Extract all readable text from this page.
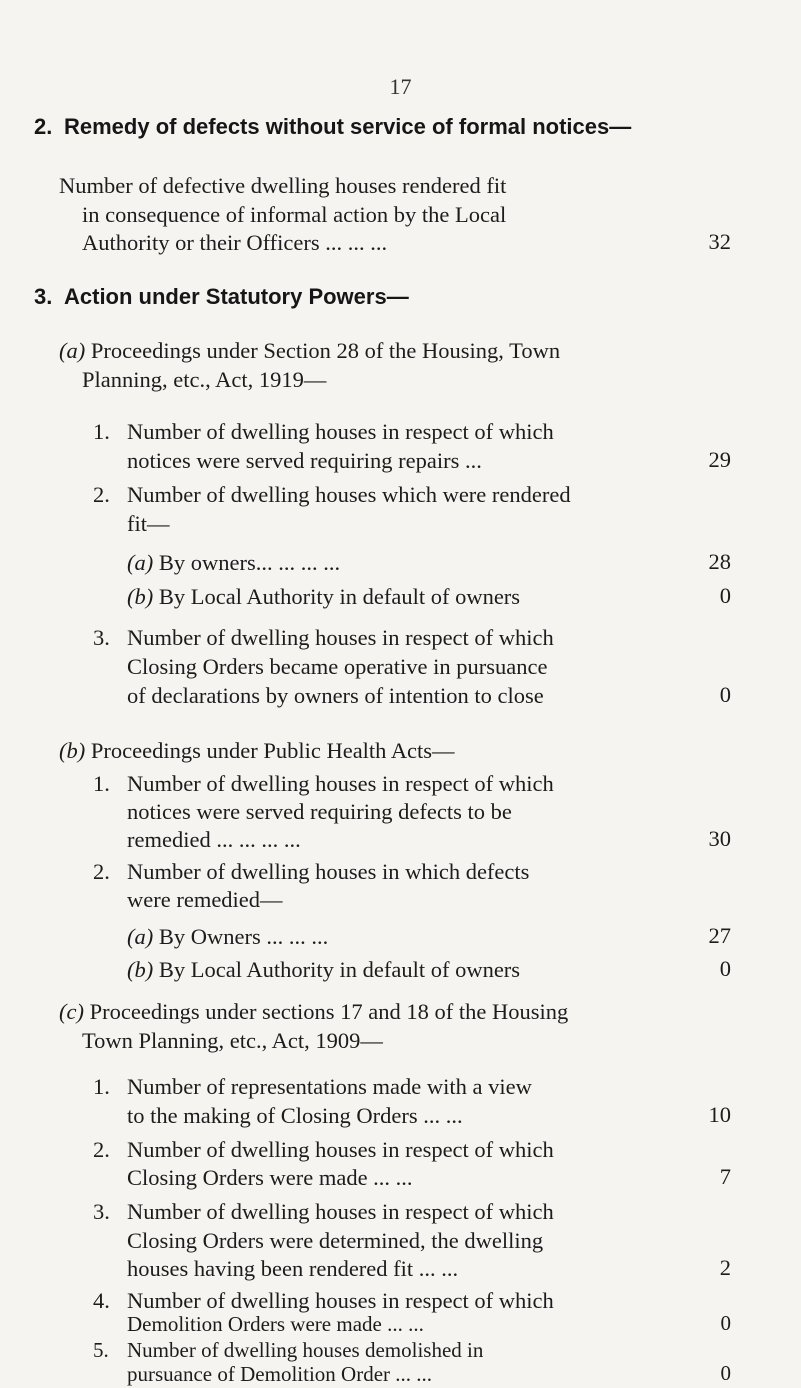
17
2. Remedy of defects without service of formal notices—
Number of defective dwelling houses rendered fit
in consequence of informal action by the Local
Authority or their Officers ... ... ...	32
3. Action under Statutory Powers—
(a) Proceedings under Section 28 of the Housing, Town
Planning, etc., Act, 1919—
1. Number of dwelling houses in respect of which
notices were served requiring repairs ...	29
2. Number of dwelling houses which were rendered
fit—
(a) By owners... ... ... ...	28
(b) By Local Authority in default of owners	0
3. Number of dwelling houses in respect of which
Closing Orders became operative in pursuance
of declarations by owners of intention to close	0
(b) Proceedings under Public Health Acts—
1. Number of dwelling houses in respect of which
notices were served requiring defects to be
remedied ... ... ... ...	30
2. Number of dwelling houses in which defects
were remedied—
(a) By Owners ... ... ...	27
(b) By Local Authority in default of owners	0
(c) Proceedings under sections 17 and 18 of the Housing
Town Planning, etc., Act, 1909—
1. Number of representations made with a view
to the making of Closing Orders ... ...	10
2. Number of dwelling houses in respect of which
Closing Orders were made ... ...	7
3. Number of dwelling houses in respect of which
Closing Orders were determined, the dwelling
houses having been rendered fit ... ...	2
4. Number of dwelling houses in respect of which
Demolition Orders were made ... ...	0
5. Number of dwelling houses demolished in
pursuance of Demolition Order ... ...	0
